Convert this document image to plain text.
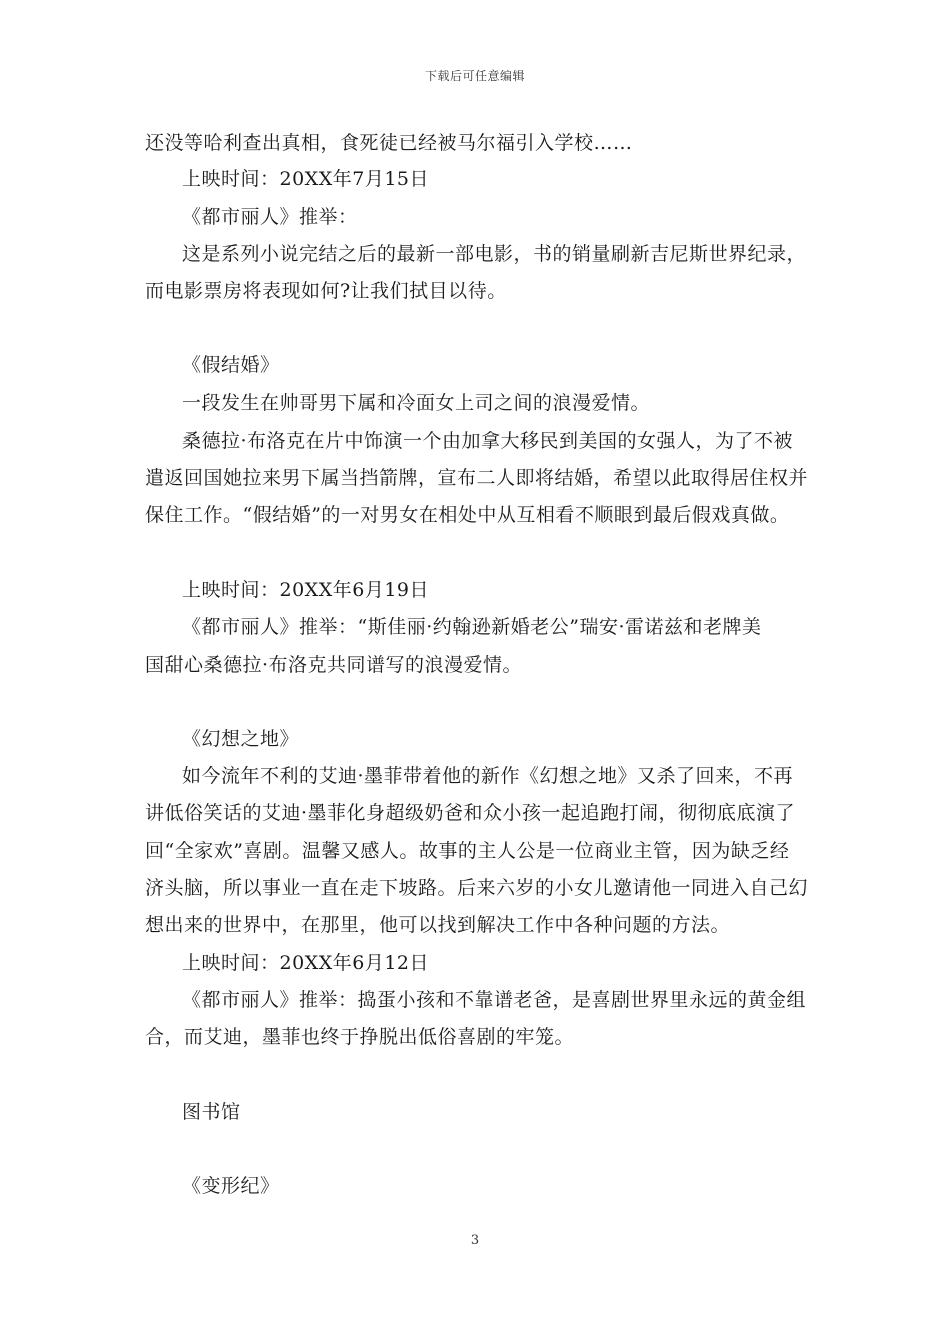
下载后可任意编辑
还没等哈利查出真相，食死徒已经被马尔福引入学校……
上映时间：20XX年7月15日
《都市丽人》推举：
这是系列小说完结之后的最新一部电影，书的销量刷新吉尼斯世界纪录，
而电影票房将表现如何?让我们拭目以待。
《假结婚》
一段发生在帅哥男下属和冷面女上司之间的浪漫爱情。
桑德拉·布洛克在片中饰演一个由加拿大移民到美国的女强人，为了不被
遣返回国她拉来男下属当挡箭牌，宣布二人即将结婚，希望以此取得居住权并
保住工作。“假结婚”的一对男女在相处中从互相看不顺眼到最后假戏真做。
上映时间：20XX年6月19日
《都市丽人》推举：“斯佳丽·约翰逊新婚老公”瑞安·雷诺兹和老牌美
国甜心桑德拉·布洛克共同谱写的浪漫爱情。
《幻想之地》
如今流年不利的艾迪·墨菲带着他的新作《幻想之地》又杀了回来，不再
讲低俗笑话的艾迪·墨菲化身超级奶爸和众小孩一起追跑打闹，彻彻底底演了
回“全家欢”喜剧。温馨又感人。故事的主人公是一位商业主管，因为缺乏经
济头脑，所以事业一直在走下坡路。后来六岁的小女儿邀请他一同进入自己幻
想出来的世界中，在那里，他可以找到解决工作中各种问题的方法。
上映时间：20XX年6月12日
《都市丽人》推举：捣蛋小孩和不靠谱老爸，是喜剧世界里永远的黄金组
合，而艾迪，墨菲也终于挣脱出低俗喜剧的牢笼。
图书馆
《变形纪》
3
